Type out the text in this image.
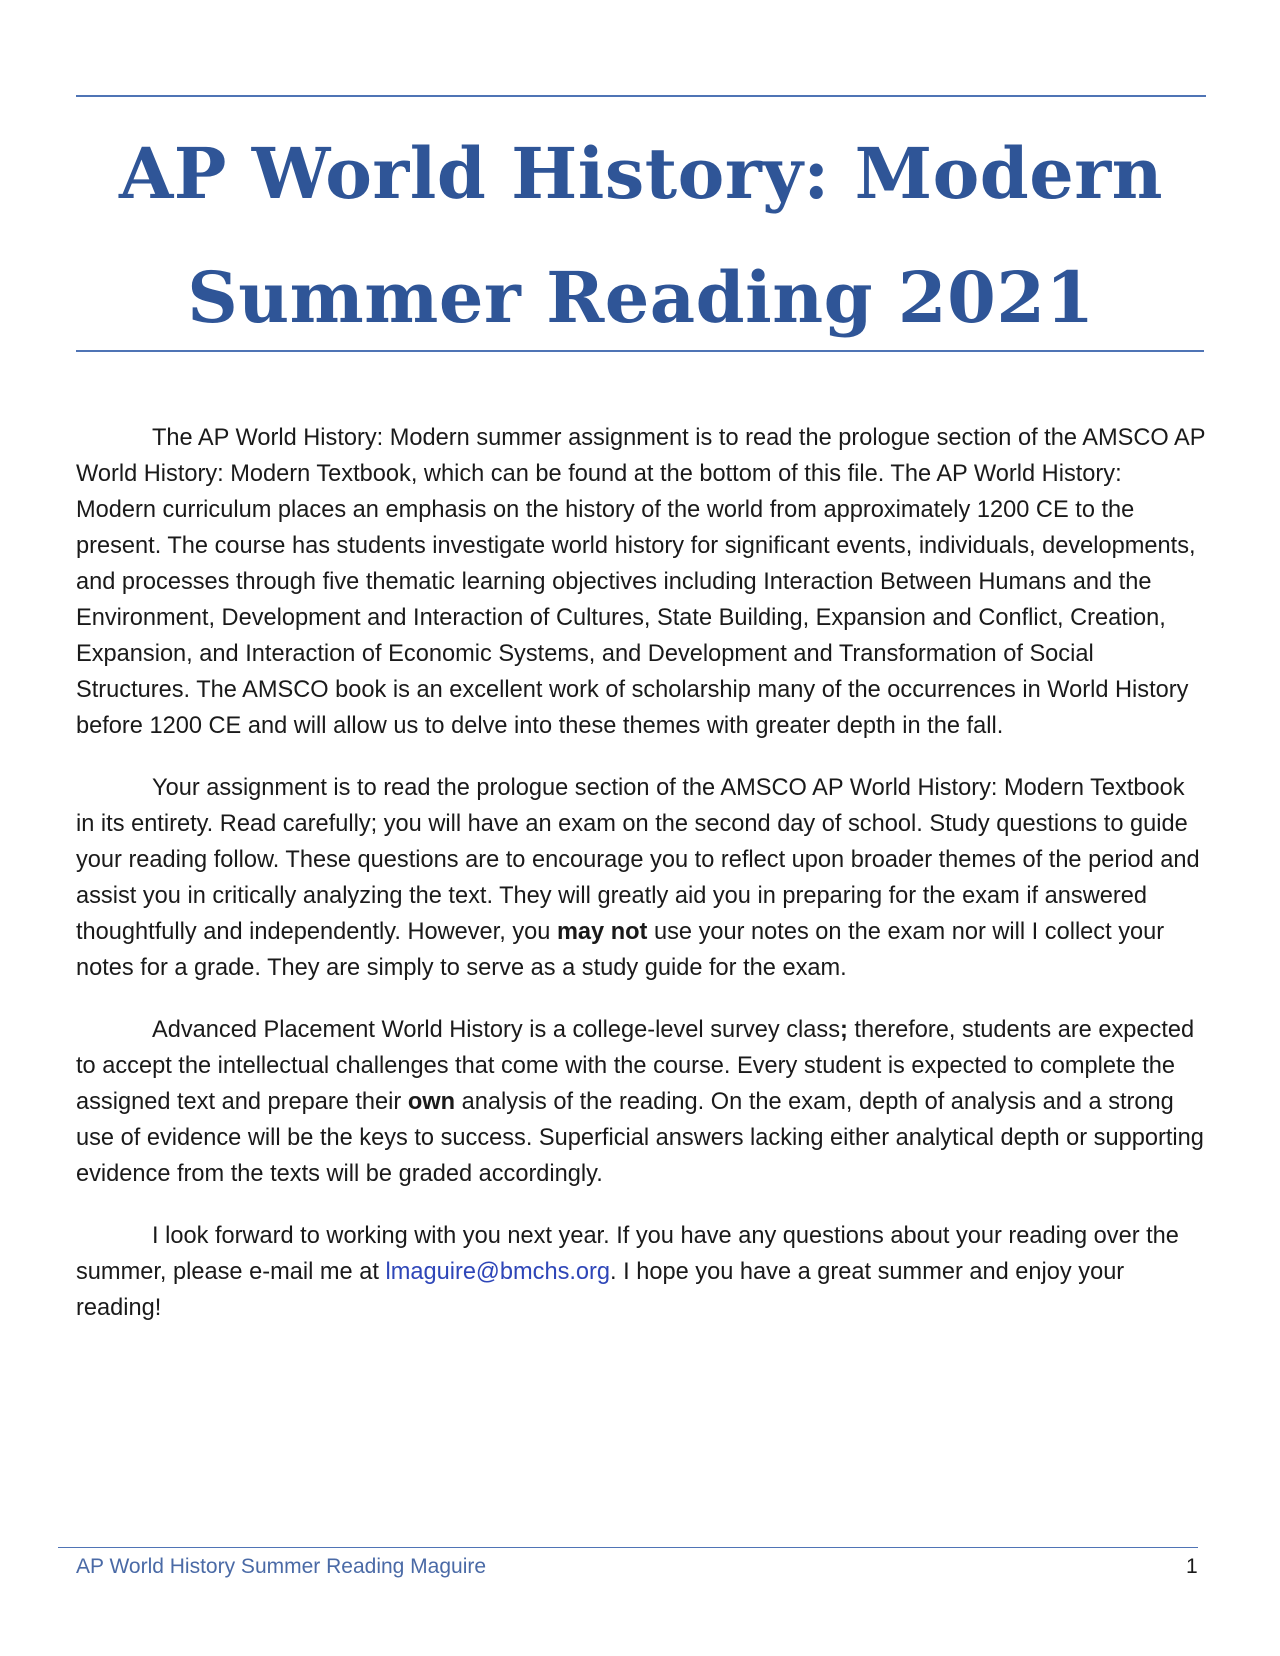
AP World History: Modern
Summer Reading 2021

The AP World History: Modern summer assignment is to read the prologue section of the AMSCO AP World History: Modern Textbook, which can be found at the bottom of this file. The AP World History: Modern curriculum places an emphasis on the history of the world from approximately 1200 CE to the present. The course has students investigate world history for significant events, individuals, developments, and processes through five thematic learning objectives including Interaction Between Humans and the Environment, Development and Interaction of Cultures, State Building, Expansion and Conflict, Creation, Expansion, and Interaction of Economic Systems, and Development and Transformation of Social Structures. The AMSCO book is an excellent work of scholarship many of the occurrences in World History before 1200 CE and will allow us to delve into these themes with greater depth in the fall.

Your assignment is to read the prologue section of the AMSCO AP World History: Modern Textbook in its entirety. Read carefully; you will have an exam on the second day of school. Study questions to guide your reading follow. These questions are to encourage you to reflect upon broader themes of the period and assist you in critically analyzing the text. They will greatly aid you in preparing for the exam if answered thoughtfully and independently. However, you may not use your notes on the exam nor will I collect your notes for a grade. They are simply to serve as a study guide for the exam.

Advanced Placement World History is a college-level survey class; therefore, students are expected to accept the intellectual challenges that come with the course. Every student is expected to complete the assigned text and prepare their own analysis of the reading. On the exam, depth of analysis and a strong use of evidence will be the keys to success. Superficial answers lacking either analytical depth or supporting evidence from the texts will be graded accordingly.

I look forward to working with you next year. If you have any questions about your reading over the summer, please e-mail me at lmaguire@bmchs.org. I hope you have a great summer and enjoy your reading!

AP World History Summer Reading Maguire	1
